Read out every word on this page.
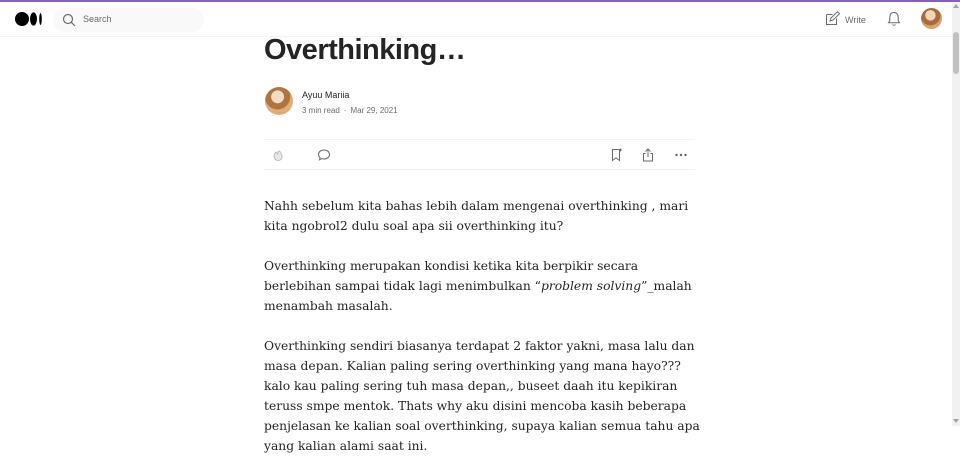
Search	Write
Overthinking…
Ayuu Mariia
3 min read · Mar 29, 2021

Nahh sebelum kita bahas lebih dalam mengenai overthinking , mari kita ngobrol2 dulu soal apa sii overthinking itu?

Overthinking merupakan kondisi ketika kita berpikir secara berlebihan sampai tidak lagi menimbulkan “problem solving”_malah menambah masalah.

Overthinking sendiri biasanya terdapat 2 faktor yakni, masa lalu dan masa depan. Kalian paling sering overthinking yang mana hayo??? kalo kau paling sering tuh masa depan,, buseet daah itu kepikiran teruss smpe mentok. Thats why aku disini mencoba kasih beberapa penjelasan ke kalian soal overthinking, supaya kalian semua tahu apa yang kalian alami saat ini.
